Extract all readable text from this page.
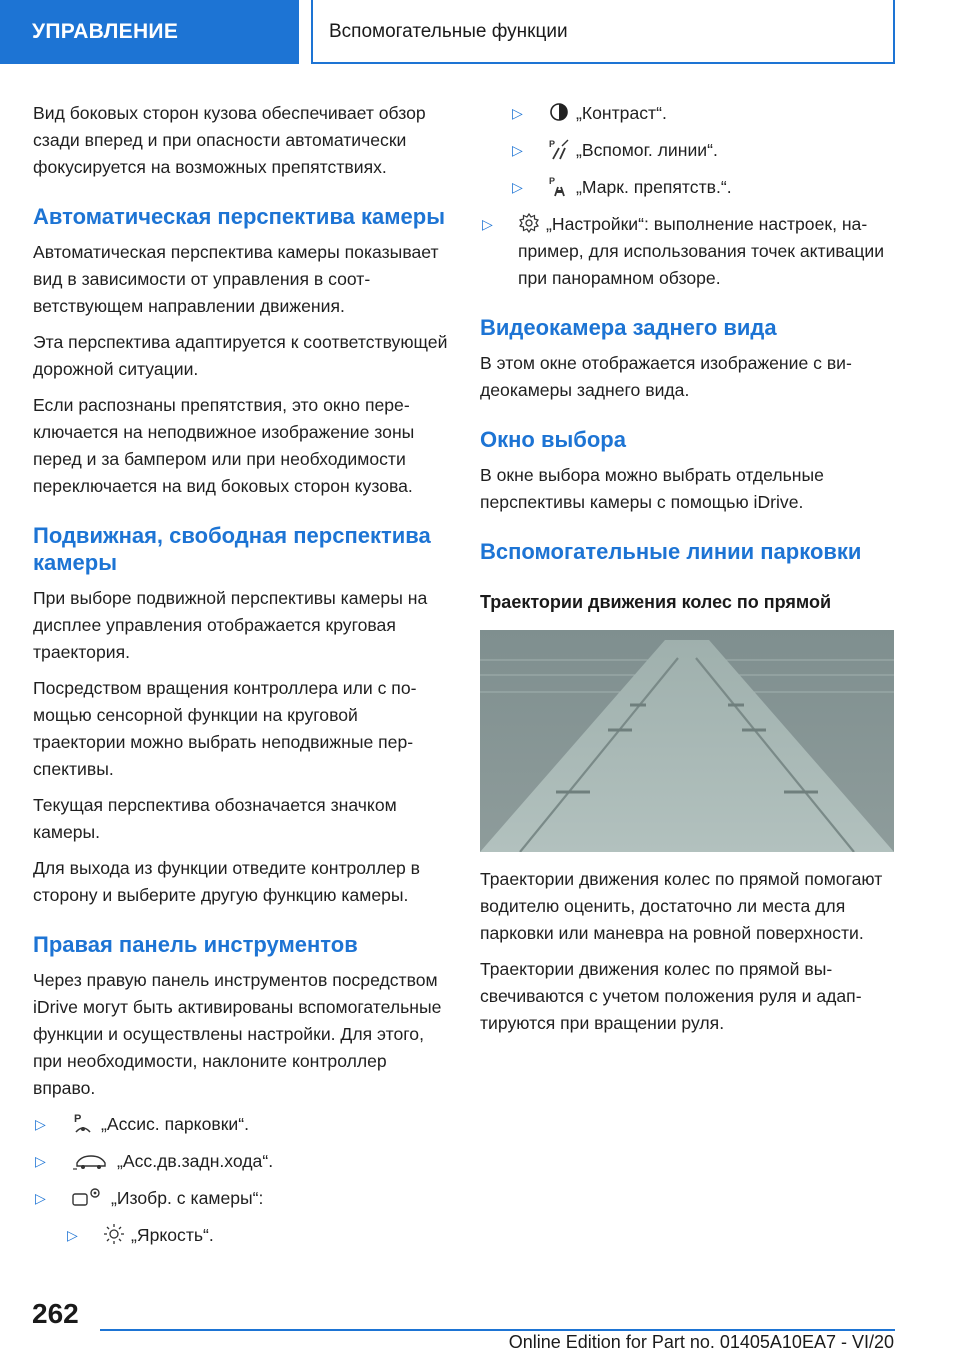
УПРАВЛЕНИЕ	Вспомогательные функции

Вид боковых сторон кузова обеспечивает обзор сзади вперед и при опасности автоматически фокусируется на возможных препятствиях.

Автоматическая перспектива камеры

Автоматическая перспектива камеры показывает вид в зависимости от управления в соответствующем направлении движения.

Эта перспектива адаптируется к соответствующей дорожной ситуации.

Если распознаны препятствия, это окно переключается на неподвижное изображение зоны перед и за бампером или при необходимости переключается на вид боковых сторон кузова.

Подвижная, свободная перспектива камеры

При выборе подвижной перспективы камеры на дисплее управления отображается круговая траектория.

Посредством вращения контроллера или с помощью сенсорной функции на круговой траектории можно выбрать неподвижные перспективы.

Текущая перспектива обозначается значком камеры.

Для выхода из функции отведите контроллер в сторону и выберите другую функцию камеры.

Правая панель инструментов

Через правую панель инструментов посредством iDrive могут быть активированы вспомогательные функции и осуществлены настройки. Для этого, при необходимости, наклоните контроллер вправо.

▷	P „Ассис. парковки“.
▷	„Асс.дв.задн.хода“.
▷	„Изобр. с камеры“:
▷	„Яркость“.
▷	„Контраст“.
▷	P „Вспомог. линии“.
▷	P „Марк. препятств.“.
▷	„Настройки“: выполнение настроек, например, для использования точек активации при панорамном обзоре.
Видеокамера заднего вида

В этом окне отображается изображение с видеокамеры заднего вида.

Окно выбора

В окне выбора можно выбрать отдельные перспективы камеры с помощью iDrive.

Вспомогательные линии парковки
Траектории движения колес по прямой

Траектории движения колес по прямой помогают водителю оценить, достаточно ли места для парковки или маневра на ровной поверхности.

Траектории движения колес по прямой высвечиваются с учетом положения руля и адаптируются при вращении руля.

262
Online Edition for Part no. 01405A10EA7 - VI/20
